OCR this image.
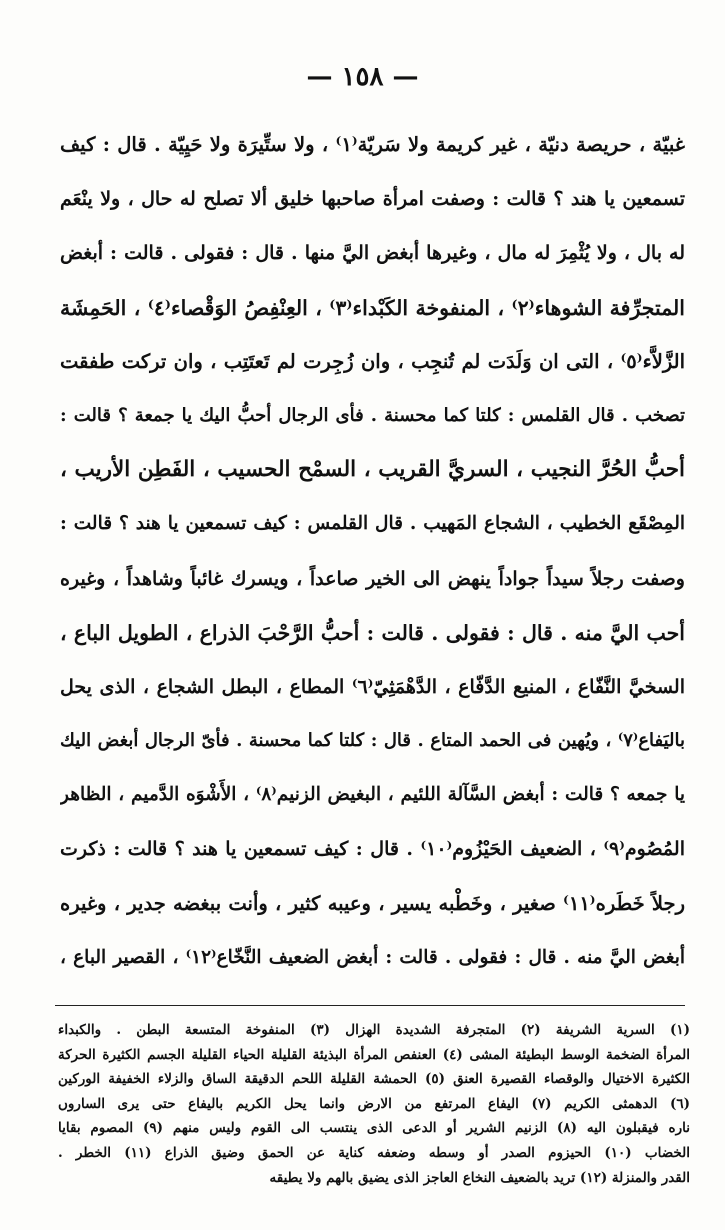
— ١٥٨ —
غبيّة ، حريصة دنيّة ، غير كريمة ولا سَريّة⁽١⁾ ، ولا ستِّيرَة ولا حَيِيّة . قال : كيف
تسمعين يا هند ؟ قالت : وصفت امرأة صاحبها خليق ألا تصلح له حال ، ولا ينْعَم
له بال ، ولا يُثْمِرَ له مال ، وغيرها أبغض اليَّ منها . قال : فقولى . قالت : أبغض
المتجرِّفة الشوهاء⁽٢⁾ ، المنفوخة الكَبْداء⁽٣⁾ ، العِنْفِصُ الوَقْصاء⁽٤⁾ ، الحَمِشَة
الزَّلاَّء⁽٥⁾ ، التى ان وَلَدَت لم تُنجِب ، وان زُجِرت لم تَعتَتِب ، وان تركت طفقت
تصخب . قال القلمس : كلتا كما محسنة . فأى الرجال أحبُّ اليك يا جمعة ؟ قالت :
أحبُّ الحُرَّ النجيب ، السريَّ القريب ، السمْح الحسيب ، الفَطِن الأريب ،
المِصْقَع الخطيب ، الشجاع المَهيب . قال القلمس : كيف تسمعين يا هند ؟ قالت :
وصفت رجلاً سيداً جواداً ينهض الى الخير صاعداً ، ويسرك غائباً وشاهداً ، وغيره
أحب اليَّ منه . قال : فقولى . قالت : أحبُّ الرَّحْبَ الذراع ، الطويل الباع ،
السخيَّ النَّفّاع ، المنيع الدَّفّاع ، الدَّهْمَثِيّ⁽٦⁾ المطاع ، البطل الشجاع ، الذى يحل
باليَفاع⁽٧⁾ ، ويُهين فى الحمد المتاع . قال : كلتا كما محسنة . فأىّ الرجال أبغض اليك
يا جمعه ؟ قالت : أبغض السَّآلة اللئيم ، البغيض الزنيم⁽٨⁾ ، الأَشْوَه الدَّميم ، الظاهر
المُصُوم⁽٩⁾ ، الضعيف الحَيْزُوم⁽١٠⁾ . قال : كيف تسمعين يا هند ؟ قالت : ذكرت
رجلاً خَطَره⁽١١⁾ صغير ، وخَطْبه يسير ، وعيبه كثير ، وأنت ببغضه جدير ، وغيره
أبغض اليَّ منه . قال : فقولى . قالت : أبغض الضعيف النَّخّاع⁽١٢⁾ ، القصير الباع ،
(١) السرية الشريفة (٢) المتجرفة الشديدة الهزال (٣) المنفوخة المتسعة البطن . والكبداء
المرأة الضخمة الوسط البطيئة المشى (٤) العنفص المرأة البذيئة القليلة الحياء القليلة الجسم الكثيرة الحركة
الكثيرة الاختيال والوقصاء القصيرة العنق (٥) الحمشة القليلة اللحم الدقيقة الساق والزلاء الخفيفة الوركين
(٦) الدهمثى الكريم (٧) اليفاع المرتفع من الارض وانما يحل الكريم باليفاع حتى يرى الساروں
ناره فيقبلون اليه (٨) الزنيم الشرير أو الدعى الذى ينتسب الى القوم وليس منهم (٩) المصوم بقايا
الخضاب (١٠) الحيزوم الصدر أو وسطه وضعفه كناية عن الحمق وضيق الذراع (١١) الخطر .
القدر والمنزلة (١٢) تريد بالضعيف النخاع العاجز الذى يضيق بالهم ولا يطيقه
